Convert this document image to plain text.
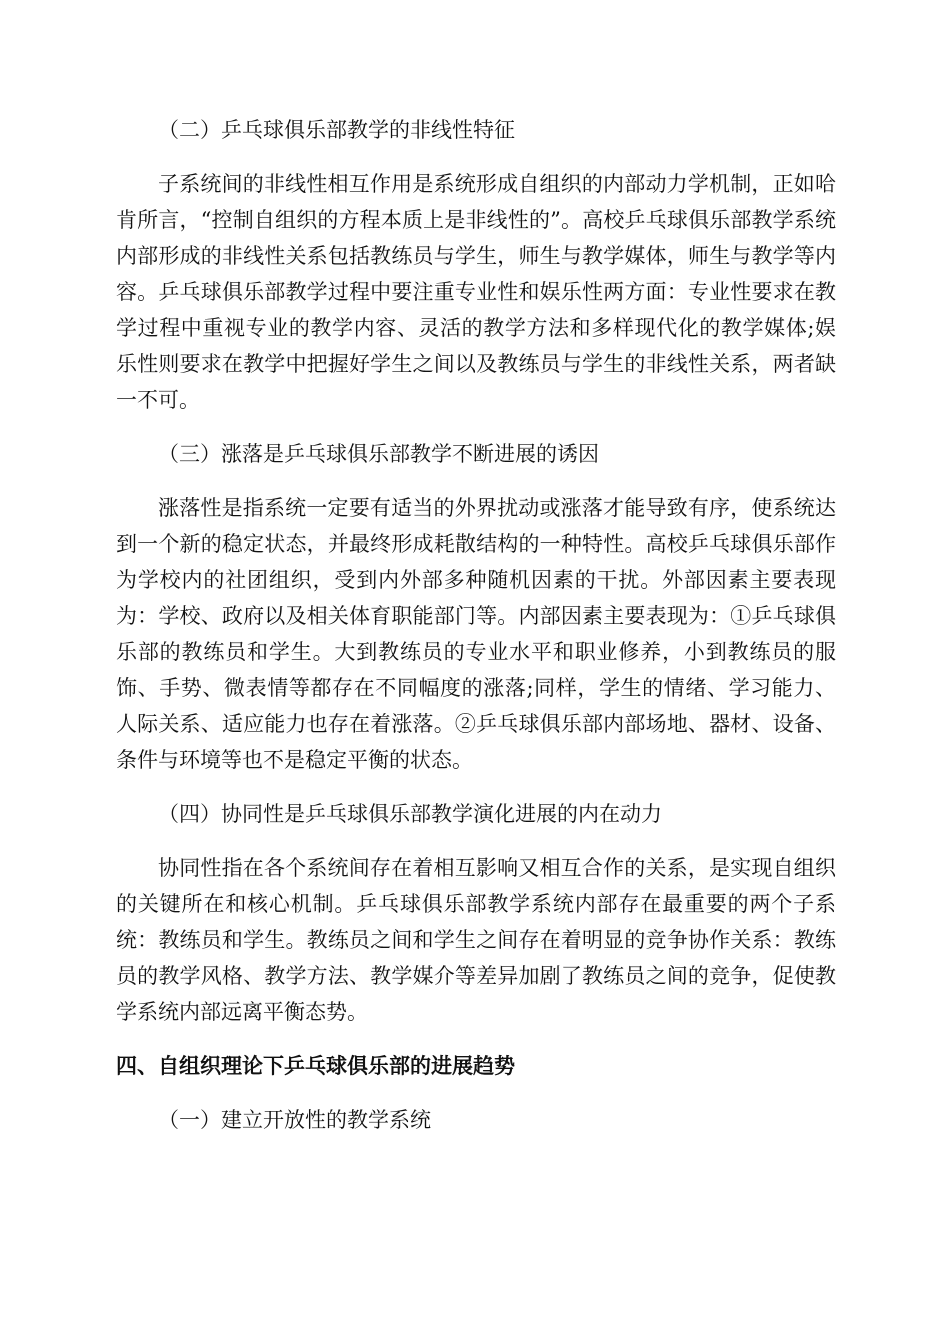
（二）乒乓球俱乐部教学的非线性特征

子系统间的非线性相互作用是系统形成自组织的内部动力学机制，正如哈肯所言，“控制自组织的方程本质上是非线性的”。高校乒乓球俱乐部教学系统内部形成的非线性关系包括教练员与学生，师生与教学媒体，师生与教学等内容。乒乓球俱乐部教学过程中要注重专业性和娱乐性两方面：专业性要求在教学过程中重视专业的教学内容、灵活的教学方法和多样现代化的教学媒体;娱乐性则要求在教学中把握好学生之间以及教练员与学生的非线性关系，两者缺一不可。

（三）涨落是乒乓球俱乐部教学不断进展的诱因

涨落性是指系统一定要有适当的外界扰动或涨落才能导致有序，使系统达到一个新的稳定状态，并最终形成耗散结构的一种特性。高校乒乓球俱乐部作为学校内的社团组织，受到内外部多种随机因素的干扰。外部因素主要表现为：学校、政府以及相关体育职能部门等。内部因素主要表现为：①乒乓球俱乐部的教练员和学生。大到教练员的专业水平和职业修养，小到教练员的服饰、手势、微表情等都存在不同幅度的涨落;同样，学生的情绪、学习能力、人际关系、适应能力也存在着涨落。②乒乓球俱乐部内部场地、器材、设备、条件与环境等也不是稳定平衡的状态。

（四）协同性是乒乓球俱乐部教学演化进展的内在动力

协同性指在各个系统间存在着相互影响又相互合作的关系，是实现自组织的关键所在和核心机制。乒乓球俱乐部教学系统内部存在最重要的两个子系统：教练员和学生。教练员之间和学生之间存在着明显的竞争协作关系：教练员的教学风格、教学方法、教学媒介等差异加剧了教练员之间的竞争，促使教学系统内部远离平衡态势。

四、自组织理论下乒乓球俱乐部的进展趋势
（一）建立开放性的教学系统
